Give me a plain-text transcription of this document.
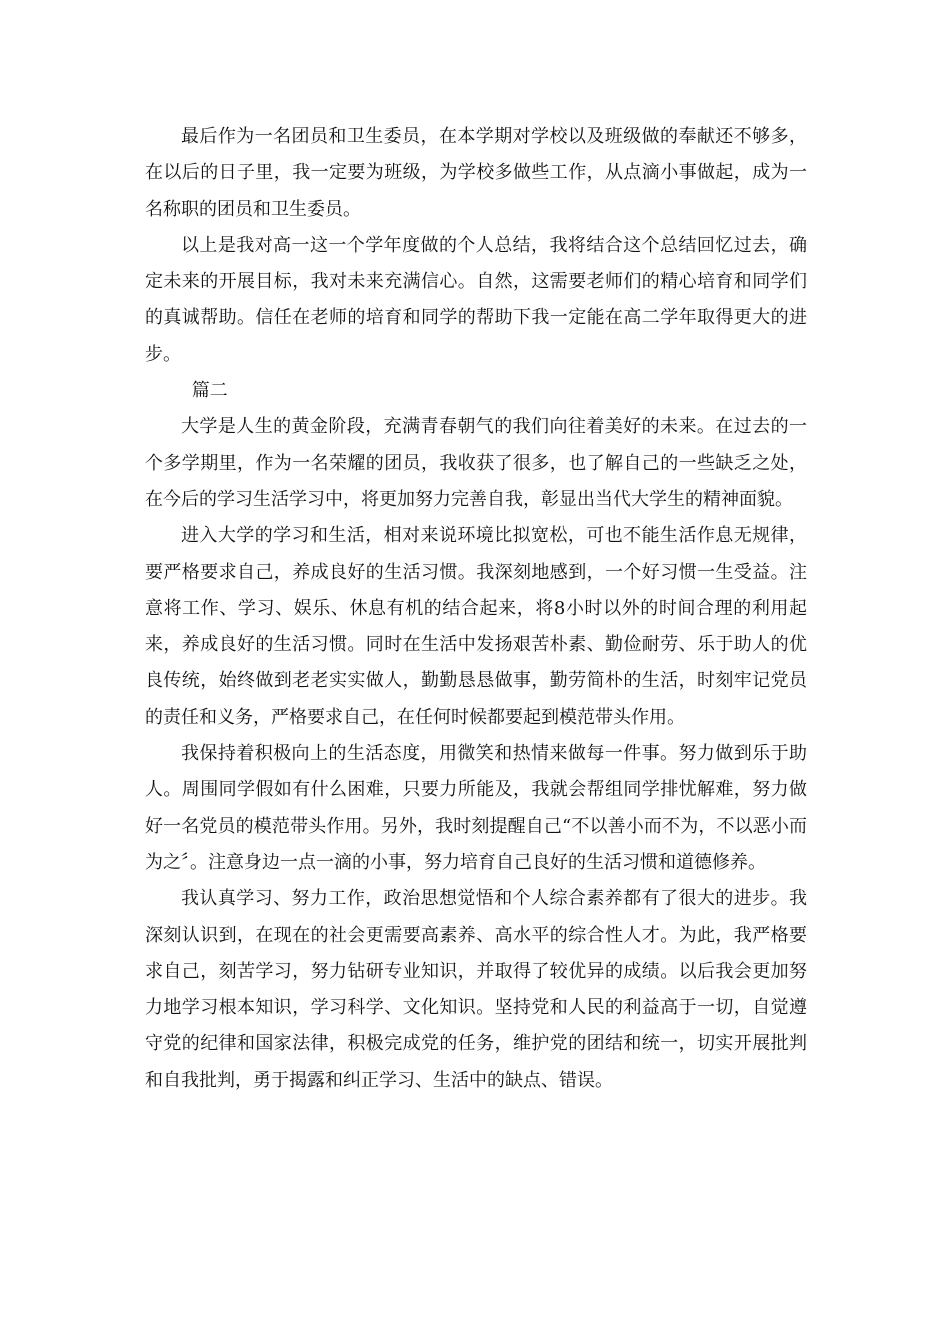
最后作为一名团员和卫生委员，在本学期对学校以及班级做的奉献还不够多，在以后的日子里，我一定要为班级，为学校多做些工作，从点滴小事做起，成为一名称职的团员和卫生委员。

以上是我对高一这一个学年度做的个人总结，我将结合这个总结回忆过去，确定未来的开展目标，我对未来充满信心。自然，这需要老师们的精心培育和同学们的真诚帮助。信任在老师的培育和同学的帮助下我一定能在高二学年取得更大的进步。

篇二

大学是人生的黄金阶段，充满青春朝气的我们向往着美好的未来。在过去的一个多学期里，作为一名荣耀的团员，我收获了很多，也了解自己的一些缺乏之处，在今后的学习生活学习中，将更加努力完善自我，彰显出当代大学生的精神面貌。

进入大学的学习和生活，相对来说环境比拟宽松，可也不能生活作息无规律，要严格要求自己，养成良好的生活习惯。我深刻地感到，一个好习惯一生受益。注意将工作、学习、娱乐、休息有机的结合起来，将8小时以外的时间合理的利用起来，养成良好的生活习惯。同时在生活中发扬艰苦朴素、勤俭耐劳、乐于助人的优良传统，始终做到老老实实做人，勤勤恳恳做事，勤劳简朴的生活，时刻牢记党员的责任和义务，严格要求自己，在任何时候都要起到模范带头作用。

我保持着积极向上的生活态度，用微笑和热情来做每一件事。努力做到乐于助人。周围同学假如有什么困难，只要力所能及，我就会帮组同学排忧解难，努力做好一名党员的模范带头作用。另外，我时刻提醒自己“不以善小而不为，不以恶小而为之〞。注意身边一点一滴的小事，努力培育自己良好的生活习惯和道德修养。

我认真学习、努力工作，政治思想觉悟和个人综合素养都有了很大的进步。我深刻认识到，在现在的社会更需要高素养、高水平的综合性人才。为此，我严格要求自己，刻苦学习，努力钻研专业知识，并取得了较优异的成绩。以后我会更加努力地学习根本知识，学习科学、文化知识。坚持党和人民的利益高于一切，自觉遵守党的纪律和国家法律，积极完成党的任务，维护党的团结和统一，切实开展批判和自我批判，勇于揭露和纠正学习、生活中的缺点、错误。
